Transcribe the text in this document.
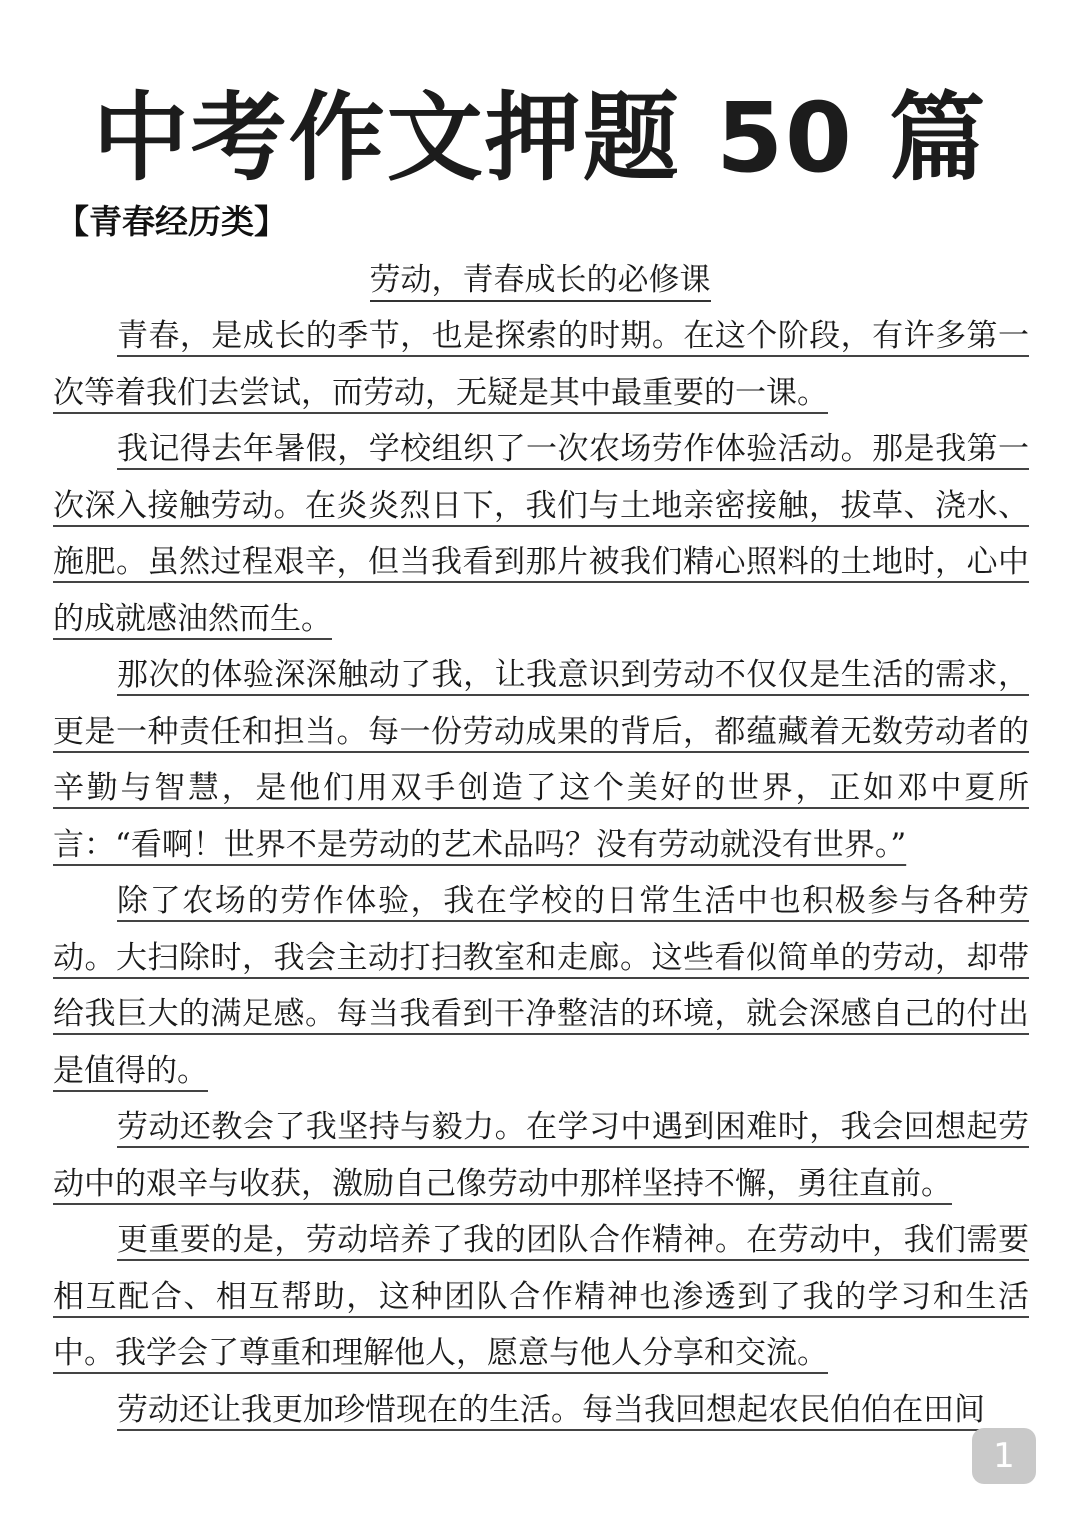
中考作文押题 50 篇

【青春经历类】

劳动，青春成长的必修课

青春，是成长的季节，也是探索的时期。在这个阶段，有许多第一次等着我们去尝试，而劳动，无疑是其中最重要的一课。

我记得去年暑假，学校组织了一次农场劳作体验活动。那是我第一次深入接触劳动。在炎炎烈日下，我们与土地亲密接触，拔草、浇水、施肥。虽然过程艰辛，但当我看到那片被我们精心照料的土地时，心中的成就感油然而生。

那次的体验深深触动了我，让我意识到劳动不仅仅是生活的需求，更是一种责任和担当。每一份劳动成果的背后，都蕴藏着无数劳动者的辛勤与智慧，是他们用双手创造了这个美好的世界，正如邓中夏所言：“看啊！世界不是劳动的艺术品吗？没有劳动就没有世界。”

除了农场的劳作体验，我在学校的日常生活中也积极参与各种劳动。大扫除时，我会主动打扫教室和走廊。这些看似简单的劳动，却带给我巨大的满足感。每当我看到干净整洁的环境，就会深感自己的付出是值得的。

劳动还教会了我坚持与毅力。在学习中遇到困难时，我会回想起劳动中的艰辛与收获，激励自己像劳动中那样坚持不懈，勇往直前。

更重要的是，劳动培养了我的团队合作精神。在劳动中，我们需要相互配合、相互帮助，这种团队合作精神也渗透到了我的学习和生活中。我学会了尊重和理解他人，愿意与他人分享和交流。

劳动还让我更加珍惜现在的生活。每当我回想起农民伯伯在田间

1
